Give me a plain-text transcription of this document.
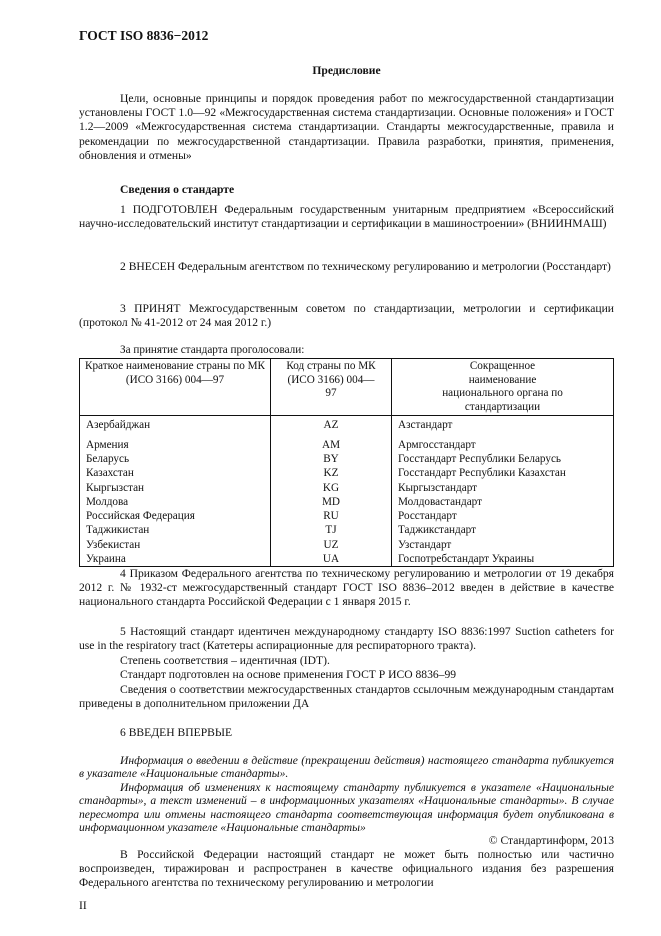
ГОСТ ISO 8836−2012
Предисловие
Цели, основные принципы и порядок проведения работ по межгосударственной стандартизации установлены ГОСТ 1.0—92 «Межгосударственная система стандартизации. Основные положения» и ГОСТ 1.2—2009 «Межгосударственная система стандартизации. Стандарты межгосударственные, правила и рекомендации по межгосударственной стандартизации. Правила разработки, принятия, применения, обновления и отмены»
Сведения о стандарте
1 ПОДГОТОВЛЕН Федеральным государственным унитарным предприятием «Всероссийский научно-исследовательский институт стандартизации и сертификации в машиностроении» (ВНИИНМАШ)
2 ВНЕСЕН Федеральным агентством по техническому регулированию и метрологии (Росстандарт)
3 ПРИНЯТ Межгосударственным советом по стандартизации, метрологии и сертификации (протокол № 41-2012 от 24 мая 2012 г.)
За принятие стандарта проголосовали:
Краткое наименование страны по МК (ИСО 3166) 004—97	Код страны по МК (ИСО 3166) 004—97	Сокращенное наименование национального органа по стандартизации
Азербайджан	AZ	Азстандарт
Армения	AM	Армгосстандарт
Беларусь	BY	Госстандарт Республики Беларусь
Казахстан	KZ	Госстандарт Республики Казахстан
Кыргызстан	KG	Кыргызстандарт
Молдова	MD	Молдовастандарт
Российская Федерация	RU	Росстандарт
Таджикистан	TJ	Таджикстандарт
Узбекистан	UZ	Узстандарт
Украина	UA	Госпотребстандарт Украины
4 Приказом Федерального агентства по техническому регулированию и метрологии от 19 декабря 2012 г. № 1932-ст межгосударственный стандарт ГОСТ ISO 8836–2012 введен в действие в качестве национального стандарта Российской Федерации с 1 января 2015 г.
5 Настоящий стандарт идентичен международному стандарту ISO 8836:1997 Suction catheters for use in the respiratory tract (Катетеры аспирационные для респираторного тракта).
Степень соответствия – идентичная (IDT).
Стандарт подготовлен на основе применения ГОСТ Р ИСО 8836–99
Сведения о соответствии межгосударственных стандартов ссылочным международным стандартам приведены в дополнительном приложении ДА
6 ВВЕДЕН ВПЕРВЫЕ
Информация о введении в действие (прекращении действия) настоящего стандарта публикуется в указателе «Национальные стандарты».
Информация об изменениях к настоящему стандарту публикуется в указателе «Национальные стандарты», а текст изменений – в информационных указателях «Национальные стандарты». В случае пересмотра или отмены настоящего стандарта соответствующая информация будет опубликована в информационном указателе «Национальные стандарты»
© Стандартинформ, 2013
В Российской Федерации настоящий стандарт не может быть полностью или частично воспроизведен, тиражирован и распространен в качестве официального издания без разрешения Федерального агентства по техническому регулированию и метрологии
II
